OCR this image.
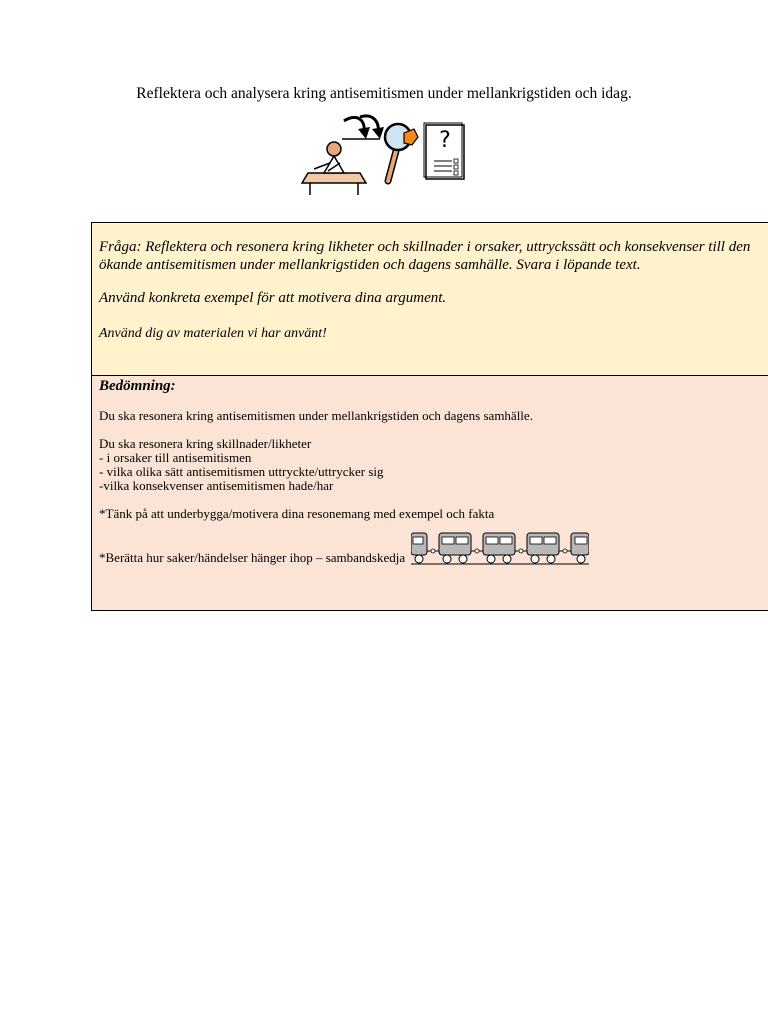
Reflektera och analysera kring antisemitismen under mellankrigstiden och idag.
?

Fråga: Reflektera och resonera kring likheter och skillnader i orsaker, uttryckssätt och konsekvenser till den
ökande antisemitismen under mellankrigstiden och dagens samhälle. Svara i löpande text.

Använd konkreta exempel för att motivera dina argument.

Använd dig av materialen vi har använt!

Bedömning:

Du ska resonera kring antisemitismen under mellankrigstiden och dagens samhälle.

Du ska resonera kring skillnader/likheter

- i orsaker till antisemitismen

- vilka olika sätt antisemitismen uttryckte/uttrycker sig

-vilka konsekvenser antisemitismen hade/har

*Tänk på att underbygga/motivera dina resonemang med exempel och fakta

*Berätta hur saker/händelser hänger ihop – sambandskedja
